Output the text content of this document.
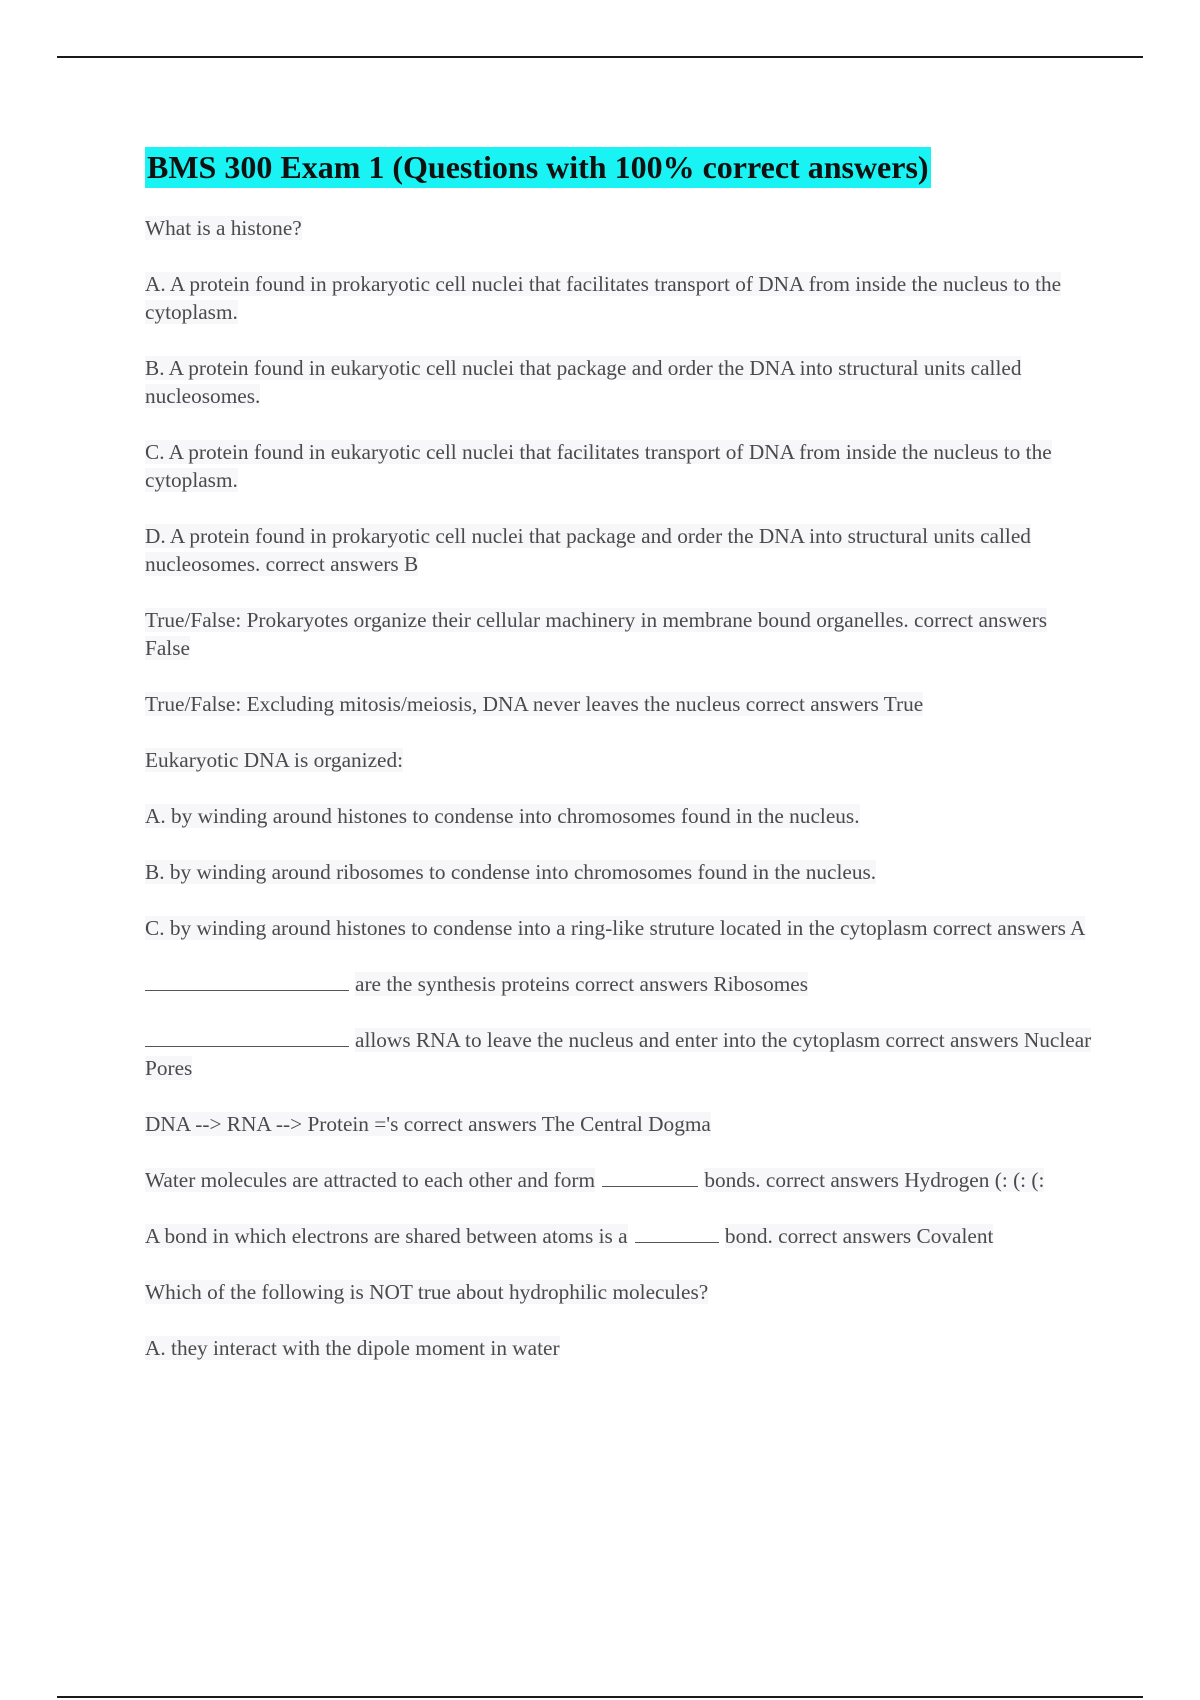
BMS 300 Exam 1 (Questions with 100% correct answers)

What is a histone?

A. A protein found in prokaryotic cell nuclei that facilitates transport of DNA from inside the nucleus to the cytoplasm.

B. A protein found in eukaryotic cell nuclei that package and order the DNA into structural units called nucleosomes.

C. A protein found in eukaryotic cell nuclei that facilitates transport of DNA from inside the nucleus to the cytoplasm.

D. A protein found in prokaryotic cell nuclei that package and order the DNA into structural units called nucleosomes. correct answers B

True/False: Prokaryotes organize their cellular machinery in membrane bound organelles. correct answers False

True/False: Excluding mitosis/meiosis, DNA never leaves the nucleus correct answers True

Eukaryotic DNA is organized:

A. by winding around histones to condense into chromosomes found in the nucleus.

B. by winding around ribosomes to condense into chromosomes found in the nucleus.

C. by winding around histones to condense into a ring-like struture located in the cytoplasm correct answers A

are the synthesis proteins correct answers Ribosomes

allows RNA to leave the nucleus and enter into the cytoplasm correct answers Nuclear Pores

DNA --> RNA --> Protein ='s correct answers The Central Dogma

Water molecules are attracted to each other and form	bonds. correct answers Hydrogen (: (: (:

A bond in which electrons are shared between atoms is a	bond. correct answers Covalent

Which of the following is NOT true about hydrophilic molecules?

A. they interact with the dipole moment in water
